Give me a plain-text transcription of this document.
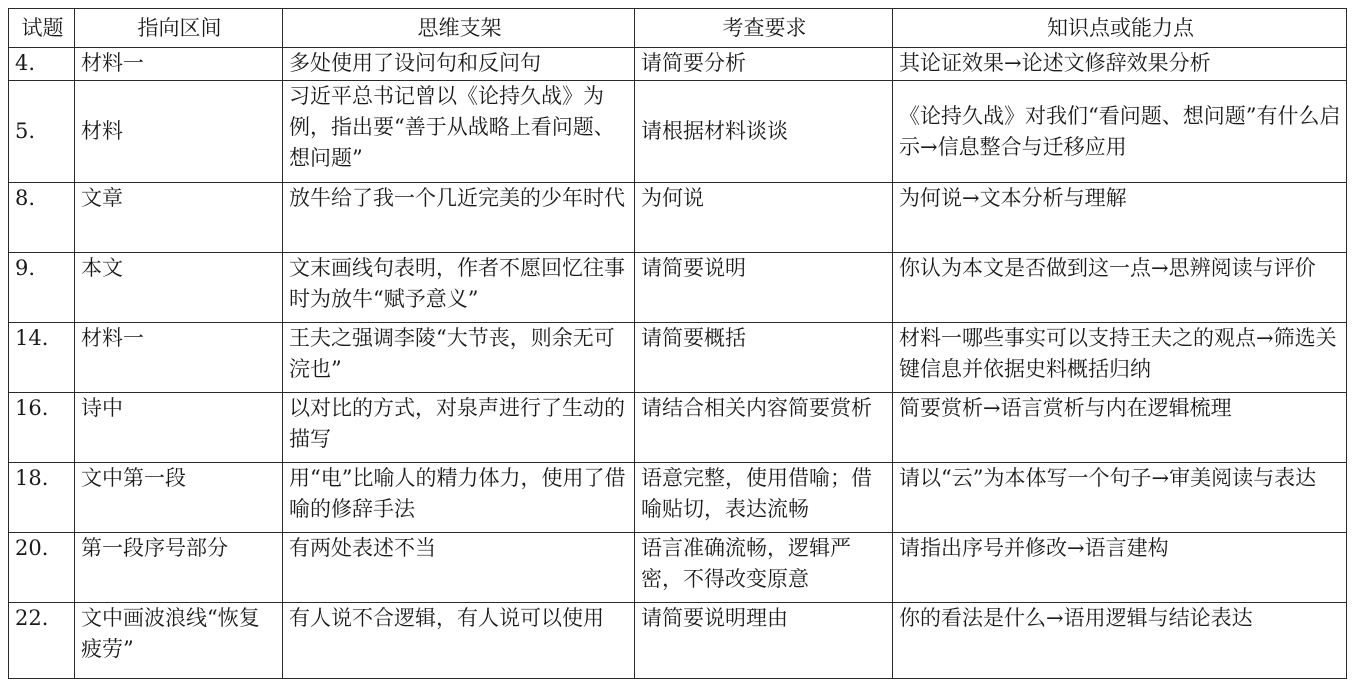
试题	指向区间	思维支架	考查要求	知识点或能力点
4.	材料一	多处使用了设问句和反问句	请简要分析	其论证效果→论述文修辞效果分析
5.	材料	习近平总书记曾以《论持久战》为例，指出要“善于从战略上看问题、想问题”	请根据材料谈谈	《论持久战》对我们“看问题、想问题”有什么启示→信息整合与迁移应用
8.	文章	放牛给了我一个几近完美的少年时代	为何说	为何说→文本分析与理解
9.	本文	文末画线句表明，作者不愿回忆往事时为放牛“赋予意义”	请简要说明	你认为本文是否做到这一点→思辨阅读与评价
14.	材料一	王夫之强调李陵“大节丧，则余无可浣也”	请简要概括	材料一哪些事实可以支持王夫之的观点→筛选关键信息并依据史料概括归纳
16.	诗中	以对比的方式，对泉声进行了生动的描写	请结合相关内容简要赏析	简要赏析→语言赏析与内在逻辑梳理
18.	文中第一段	用“电”比喻人的精力体力，使用了借喻的修辞手法	语意完整，使用借喻；借喻贴切，表达流畅	请以“云”为本体写一个句子→审美阅读与表达
20.	第一段序号部分	有两处表述不当	语言准确流畅，逻辑严密，不得改变原意	请指出序号并修改→语言建构
22.	文中画波浪线“恢复疲劳”	有人说不合逻辑，有人说可以使用	请简要说明理由	你的看法是什么→语用逻辑与结论表达
